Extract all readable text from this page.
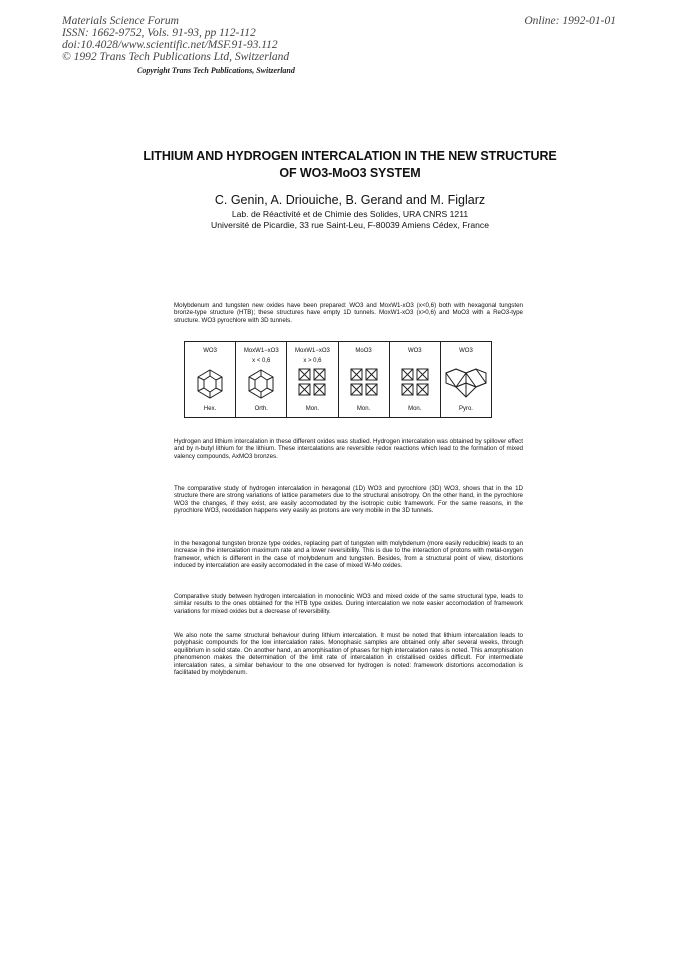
Materials Science Forum
ISSN: 1662-9752, Vols. 91-93, pp 112-112
doi:10.4028/www.scientific.net/MSF.91-93.112
© 1992 Trans Tech Publications Ltd, Switzerland
Online: 1992-01-01
Copyright Trans Tech Publications, Switzerland
LITHIUM AND HYDROGEN INTERCALATION IN THE NEW STRUCTURE
OF WO3-MoO3 SYSTEM
C. Genin, A. Driouiche, B. Gerand and M. Figlarz
Lab. de Réactivité et de Chimie des Solides, URA CNRS 1211
Université de Picardie, 33 rue Saint-Leu, F-80039 Amiens Cédex, France
Molybdenum and tungsten new oxides have been prepared: WO3 and MoxW1-xO3 (x<0,6) both with hexagonal tungsten bronze-type structure (HTB); these structures have empty 1D tunnels. MoxW1-xO3 (x>0,6) and MoO3 with a ReO3-type structure. WO3 pyrochlore with 3D tunnels.
WO3
Hex.
MoxW1−xO3
x < 0,6
Orth.
MoxW1−xO3
x > 0,6
Mon.
MoO3
Mon.
WO3
Mon.
WO3
Pyro.
Hydrogen and lithium intercalation in these different oxides was studied. Hydrogen intercalation was obtained by spillover effect and by n-butyl lithium for the lithium. These intercalations are reversible redox reactions which lead to the formation of mixed valency compounds, AxMO3 bronzes.
The comparative study of hydrogen intercalation in hexagonal (1D) WO3 and pyrochlore (3D) WO3, shows that in the 1D structure there are strong variations of lattice parameters due to the structural anisotropy. On the other hand, in the pyrochlore WO3 the changes, if they exist, are easily accomodated by the isotropic cubic framework. For the same reasons, in the pyrochlore WO3, reoxidation happens very easily as protons are very mobile in the 3D tunnels.
In the hexagonal tungsten bronze type oxides, replacing part of tungsten with molybdenum (more easily reducible) leads to an increase in the intercalation maximum rate and a lower reversibility. This is due to the interaction of protons with metal-oxygen framewor, which is different in the case of molybdenum and tungsten. Besides, from a structural point of view, distortions induced by intercalation are easily accomodated in the case of mixed W-Mo oxides.
Comparative study between hydrogen intercalation in monoclinic WO3 and mixed oxide of the same structural type, leads to similar results to the ones obtained for the HTB type oxides. During intercalation we note easier accomodation of framework variations for mixed oxides but a decrease of reversibility.
We also note the same structural behaviour during lithium intercalation. It must be noted that lithium intercalation leads to polyphasic compounds for the low intercalation rates. Monophasic samples are obtained only after several weeks, through equilibrium in solid state. On another hand, an amorphisation of phases for high intercalation rates is noted. This amorphisation phenomenon makes the determination of the limit rate of intercalation in cristallised oxides difficult. For intermediate intercalation rates, a similar behaviour to the one observed for hydrogen is noted: framework distortions accomodation is facilitated by molybdenum.
